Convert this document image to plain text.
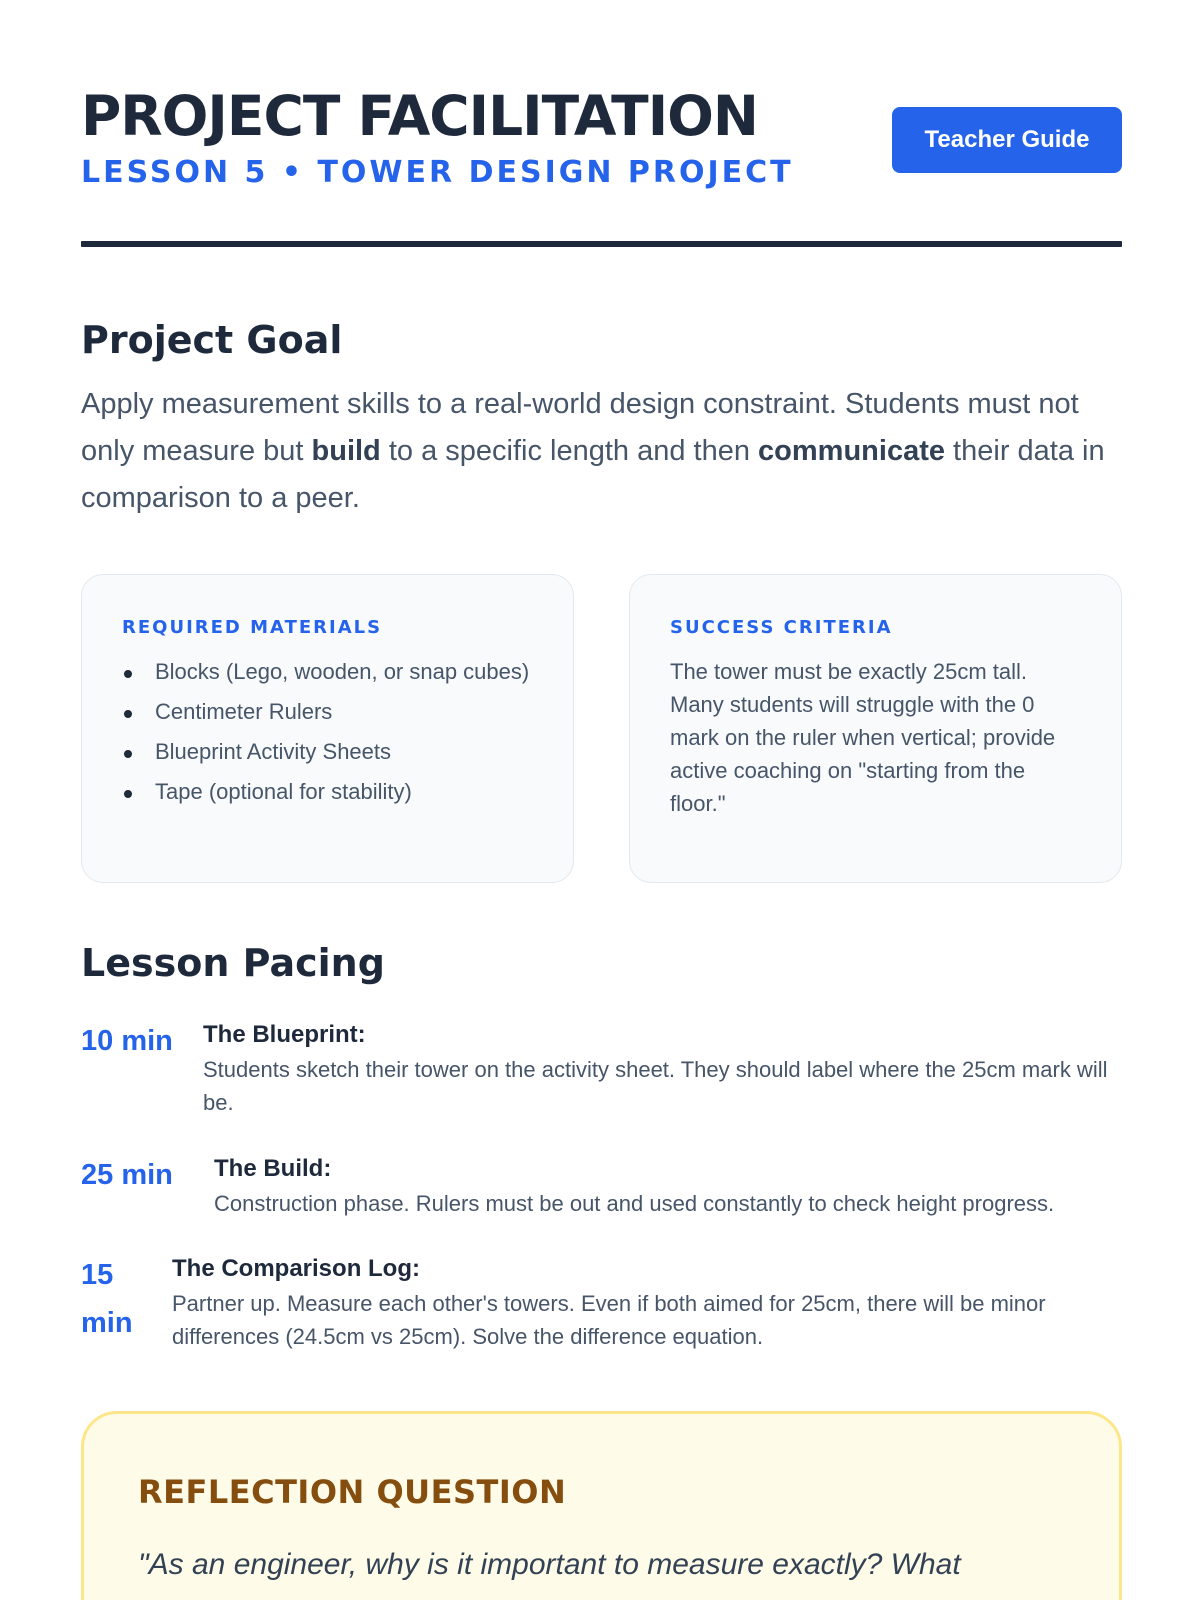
PROJECT FACILITATION
LESSON 5 • TOWER DESIGN PROJECT
Teacher Guide
Project Goal

Apply measurement skills to a real-world design constraint. Students must not only measure but build to a specific length and then communicate their data in comparison to a peer.

REQUIRED MATERIALS
Blocks (Lego, wooden, or snap cubes)
Centimeter Rulers
Blueprint Activity Sheets
Tape (optional for stability)
SUCCESS CRITERIA

The tower must be exactly 25cm tall. Many students will struggle with the 0 mark on the ruler when vertical; provide active coaching on "starting from the floor."

Lesson Pacing
10 min The Blueprint:

Students sketch their tower on the activity sheet. They should label where the 25cm mark will be.

25 min	The Build:

Construction phase. Rulers must be out and used constantly to check height progress.

15 min
The Comparison Log:

Partner up. Measure each other's towers. Even if both aimed for 25cm, there will be minor differences (24.5cm vs 25cm). Solve the difference equation.

REFLECTION QUESTION

"As an engineer, why is it important to measure exactly? What
